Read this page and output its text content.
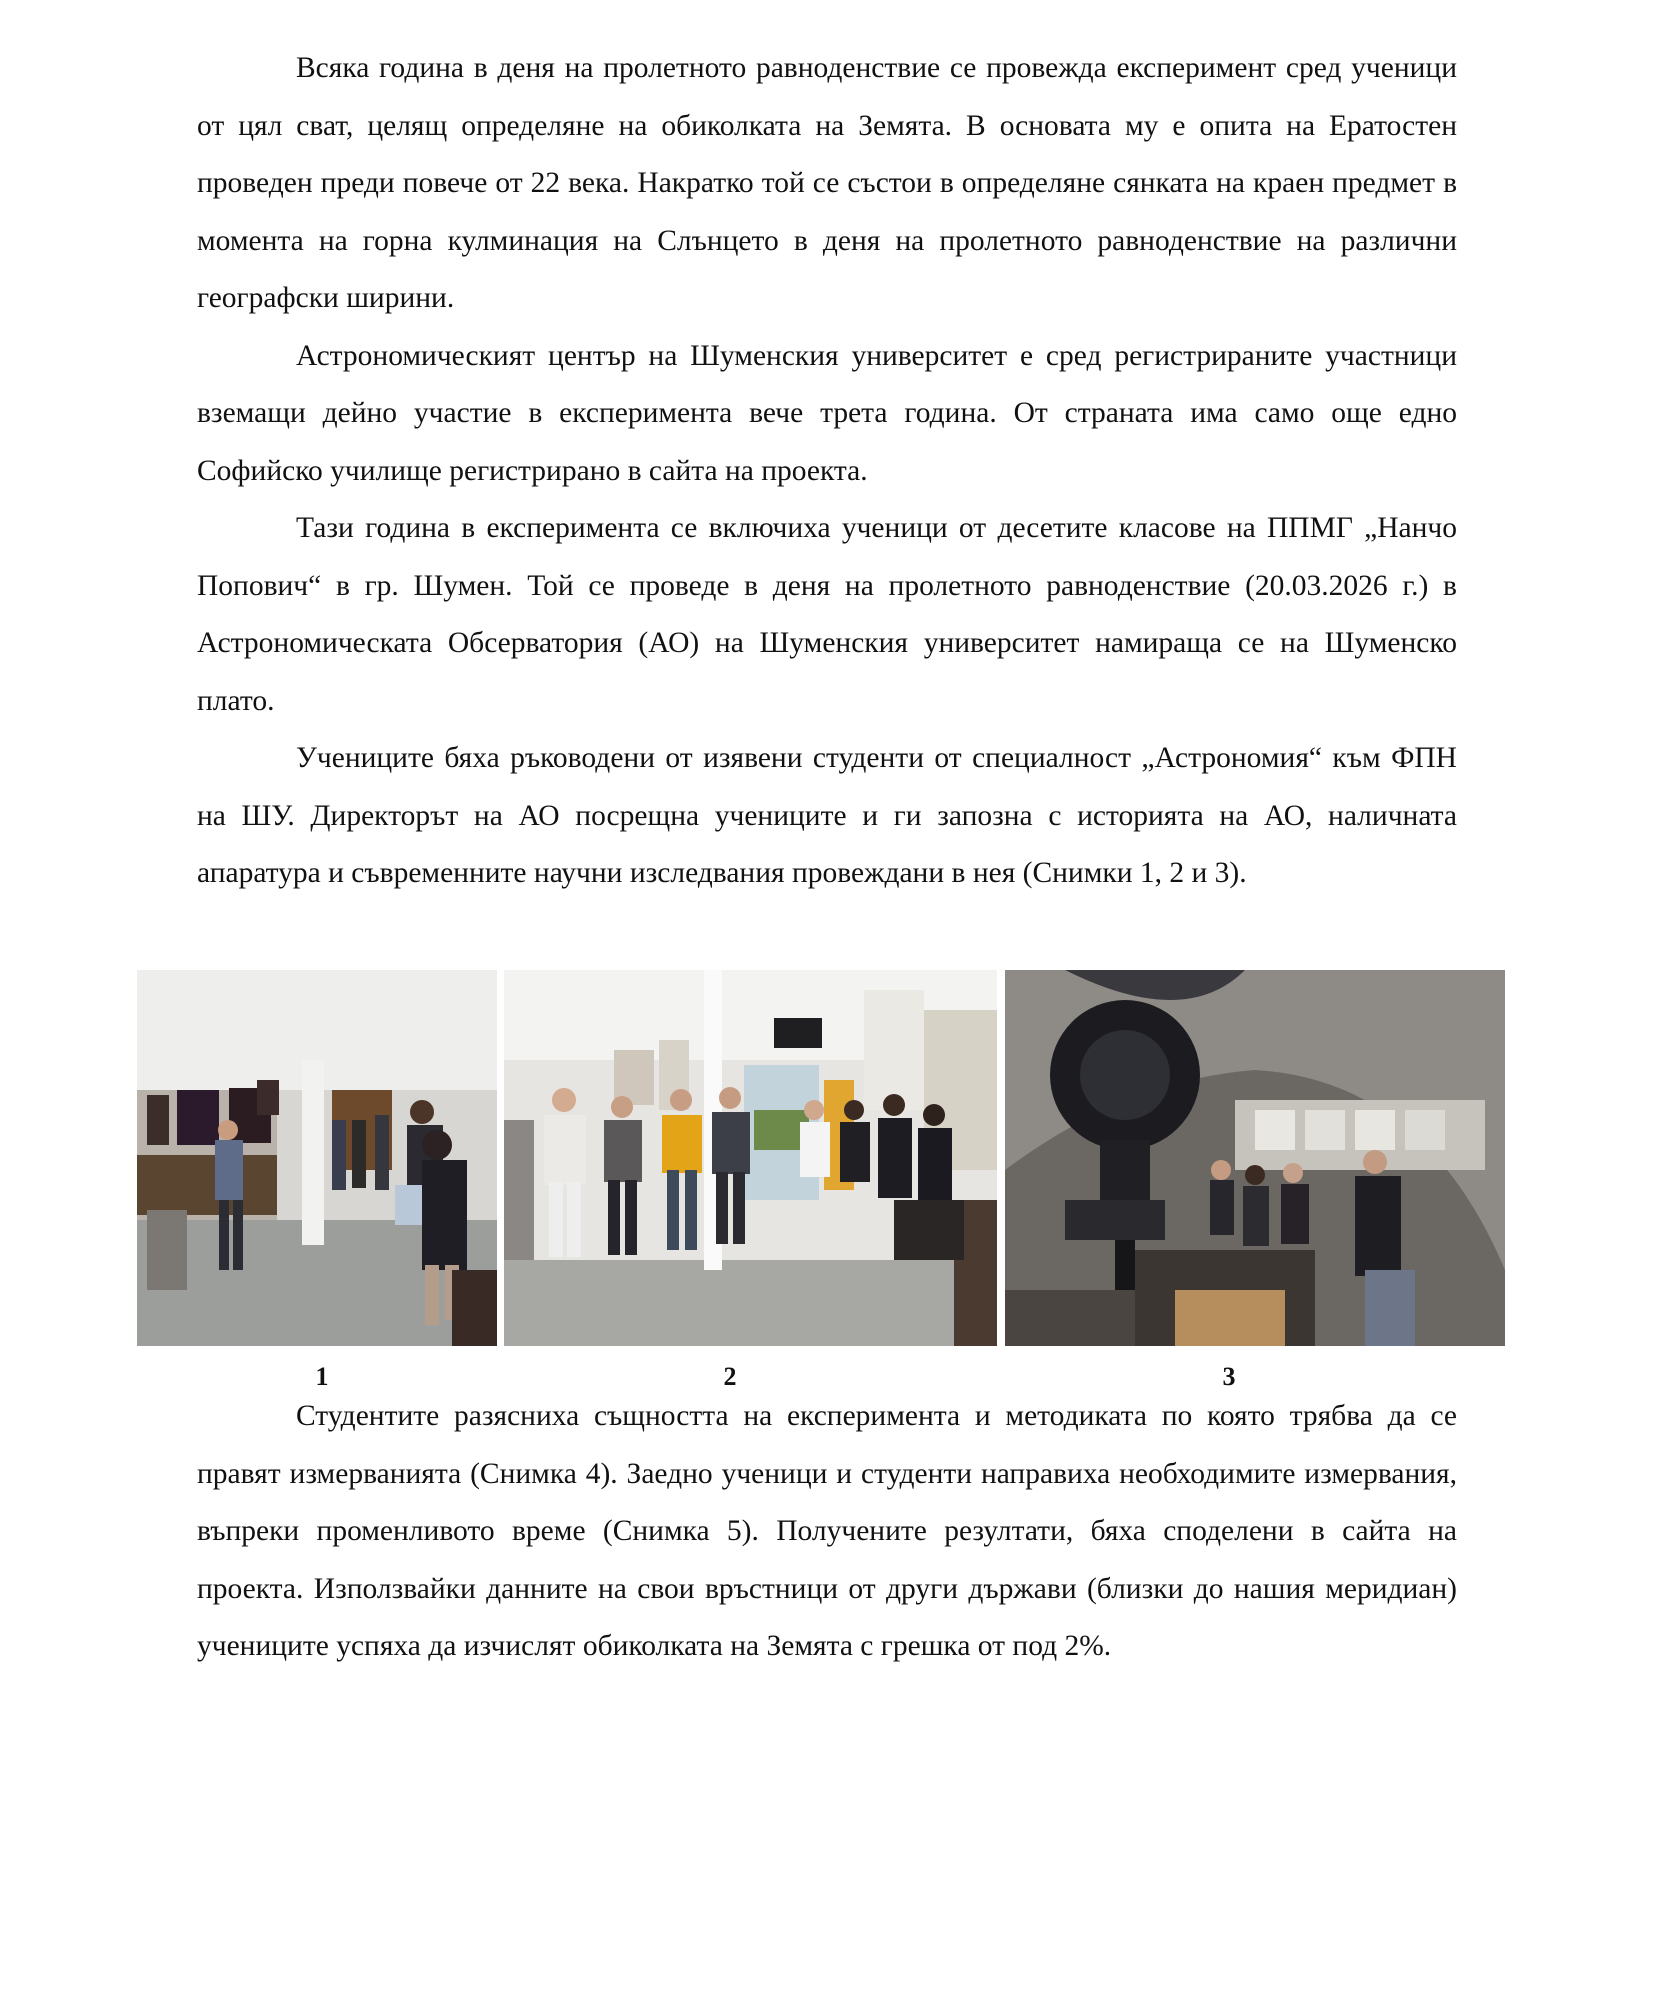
Всяка година в деня на пролетното равноденствие се провежда експеримент сред ученици от цял сват, целящ определяне на обиколката на Земята. В основата му е опита на Ератостен проведен преди повече от 22 века. Накратко той се състои в определяне сянката на краен предмет в момента на горна кулминация на Слънцето в деня на пролетното равноденствие на различни географски ширини.

Астрономическият център на Шуменския университет е сред регистрираните участници вземащи дейно участие в експеримента вече трета година. От страната има само още едно Софийско училище регистрирано в сайта на проекта.

Тази година в експеримента се включиха ученици от десетите класове на ППМГ „Нанчо Попович“ в гр. Шумен. Той се проведе в деня на пролетното равноденствие (20.03.2026 г.) в Астрономическата Обсерватория (АО) на Шуменския университет намираща се на Шуменско плато.

Учениците бяха ръководени от изявени студенти от специалност „Астрономия“ към ФПН на ШУ. Директорът на АО посрещна учениците и ги запозна с историята на АО, наличната апаратура и съвременните научни изследвания провеждани в нея (Снимки 1, 2 и 3).

1	2	3

Студентите разясниха същността на експеримента и методиката по която трябва да се правят измерванията (Снимка 4). Заедно ученици и студенти направиха необходимите измервания, въпреки променливото време (Снимка 5). Получените резултати, бяха споделени в сайта на проекта. Използвайки данните на свои връстници от други държави (близки до нашия меридиан) учениците успяха да изчислят обиколката на Земята с грешка от под 2%.
